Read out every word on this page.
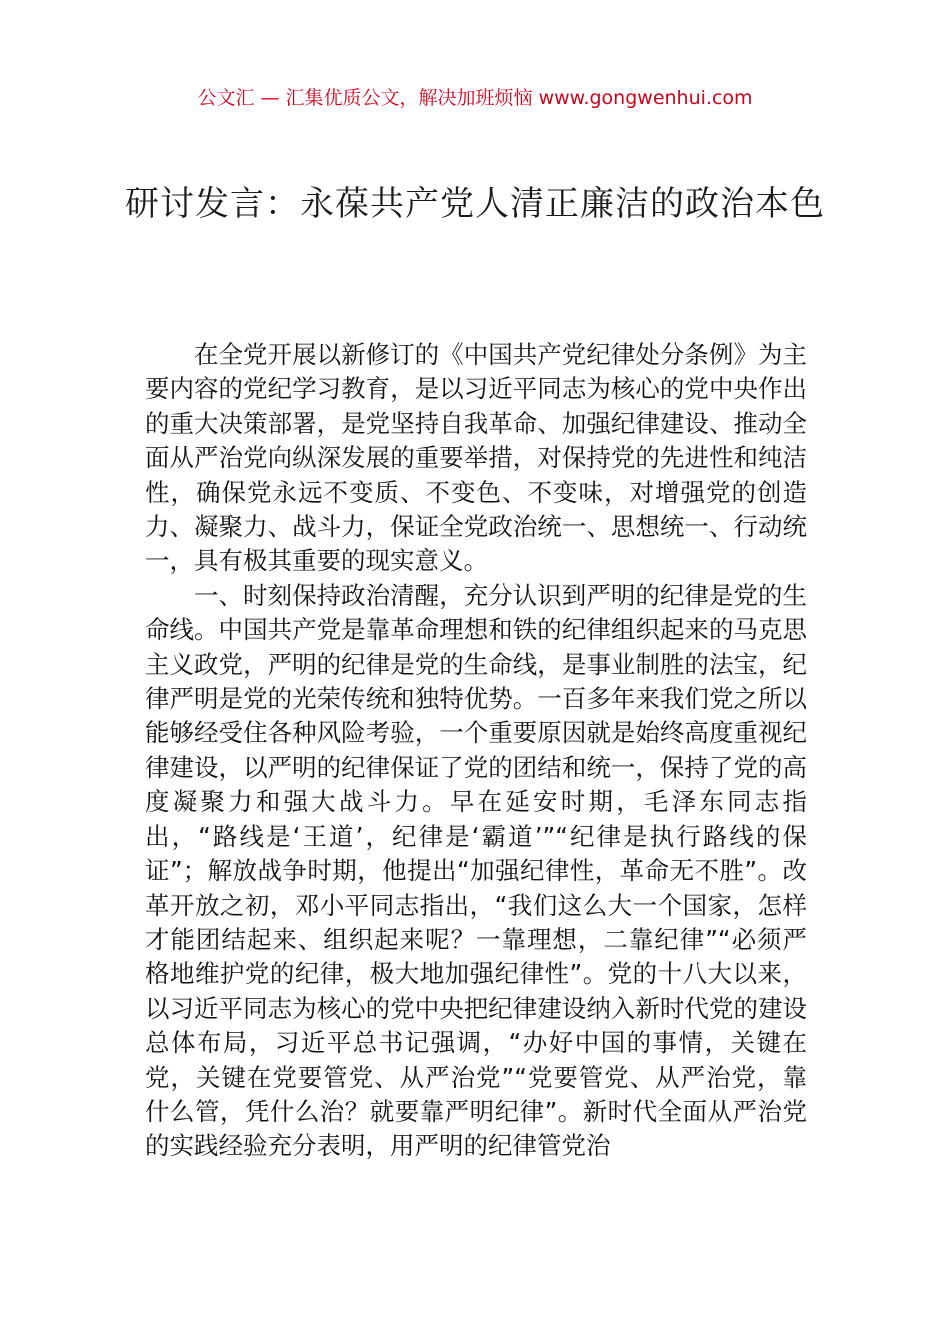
公文汇 — 汇集优质公文，解决加班烦恼 www.gongwenhui.com
研讨发言：永葆共产党人清正廉洁的政治本色

在全党开展以新修订的《中国共产党纪律处分条例》为主要内容的党纪学习教育，是以习近平同志为核心的党中央作出的重大决策部署，是党坚持自我革命、加强纪律建设、推动全面从严治党向纵深发展的重要举措，对保持党的先进性和纯洁性，确保党永远不变质、不变色、不变味，对增强党的创造力、凝聚力、战斗力，保证全党政治统一、思想统一、行动统一，具有极其重要的现实意义。

一、时刻保持政治清醒，充分认识到严明的纪律是党的生命线。中国共产党是靠革命理想和铁的纪律组织起来的马克思主义政党，严明的纪律是党的生命线，是事业制胜的法宝，纪律严明是党的光荣传统和独特优势。一百多年来我们党之所以能够经受住各种风险考验，一个重要原因就是始终高度重视纪律建设，以严明的纪律保证了党的团结和统一，保持了党的高度凝聚力和强大战斗力。早在延安时期，毛泽东同志指出，“路线是‘王道’，纪律是‘霸道’”“纪律是执行路线的保证”；解放战争时期，他提出“加强纪律性，革命无不胜”。改革开放之初，邓小平同志指出，“我们这么大一个国家，怎样才能团结起来、组织起来呢？一靠理想，二靠纪律”“必须严格地维护党的纪律，极大地加强纪律性”。党的十八大以来，以习近平同志为核心的党中央把纪律建设纳入新时代党的建设总体布局，习近平总书记强调，“办好中国的事情，关键在党，关键在党要管党、从严治党”“党要管党、从严治党，靠什么管，凭什么治？就要靠严明纪律”。新时代全面从严治党的实践经验充分表明，用严明的纪律管党治
